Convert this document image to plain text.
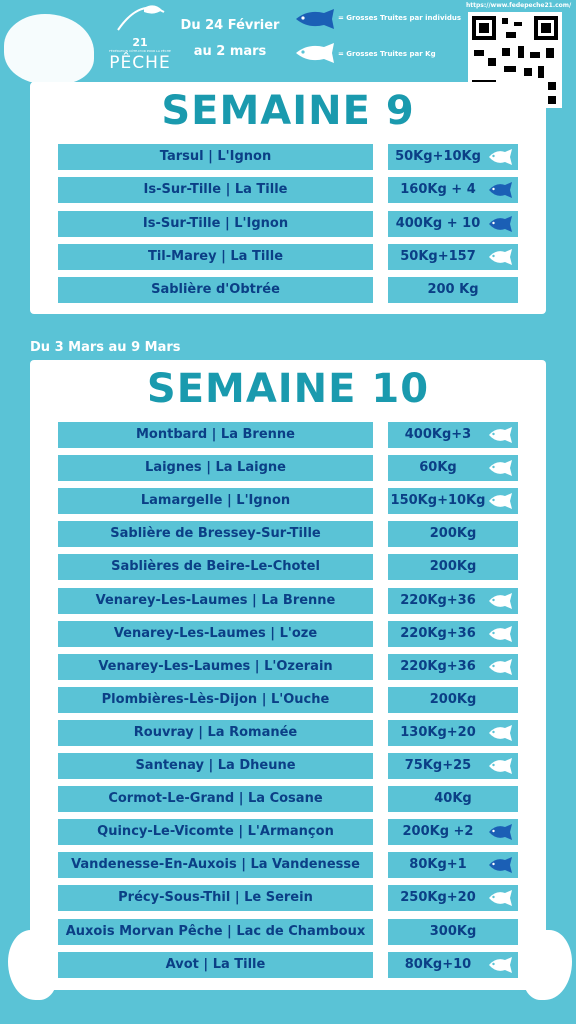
21
FÉDÉRATION CÔTE-D'OR POUR LA PÊCHE
PÊCHE
Du 24 Février
au 2 mars
= Grosses Truites par individus
= Grosses Truites par Kg
https://www.fedepeche21.com/
SEMAINE 9
Tarsul | L'Ignon	50Kg+10Kg
Is-Sur-Tille | La Tille	160Kg + 4
Is-Sur-Tille | L'Ignon	400Kg + 10
Til-Marey | La Tille	50Kg+157
Sablière d'Obtrée	200 Kg
Du 3 Mars au 9 Mars
SEMAINE 10
Montbard | La Brenne	400Kg+3
Laignes | La Laigne	60Kg
Lamargelle | L'Ignon	150Kg+10Kg
Sablière de Bressey-Sur-Tille	200Kg
Sablières de Beire-Le-Chotel	200Kg
Venarey-Les-Laumes | La Brenne	220Kg+36
Venarey-Les-Laumes | L'oze	220Kg+36
Venarey-Les-Laumes | L'Ozerain	220Kg+36
Plombières-Lès-Dijon | L'Ouche	200Kg
Rouvray | La Romanée	130Kg+20
Santenay | La Dheune	75Kg+25
Cormot-Le-Grand | La Cosane	40Kg
Quincy-Le-Vicomte | L'Armançon	200Kg +2
Vandenesse-En-Auxois | La Vandenesse	80Kg+1
Précy-Sous-Thil | Le Serein	250Kg+20
Auxois Morvan Pêche | Lac de Chamboux	300Kg
Avot | La Tille	80Kg+10
